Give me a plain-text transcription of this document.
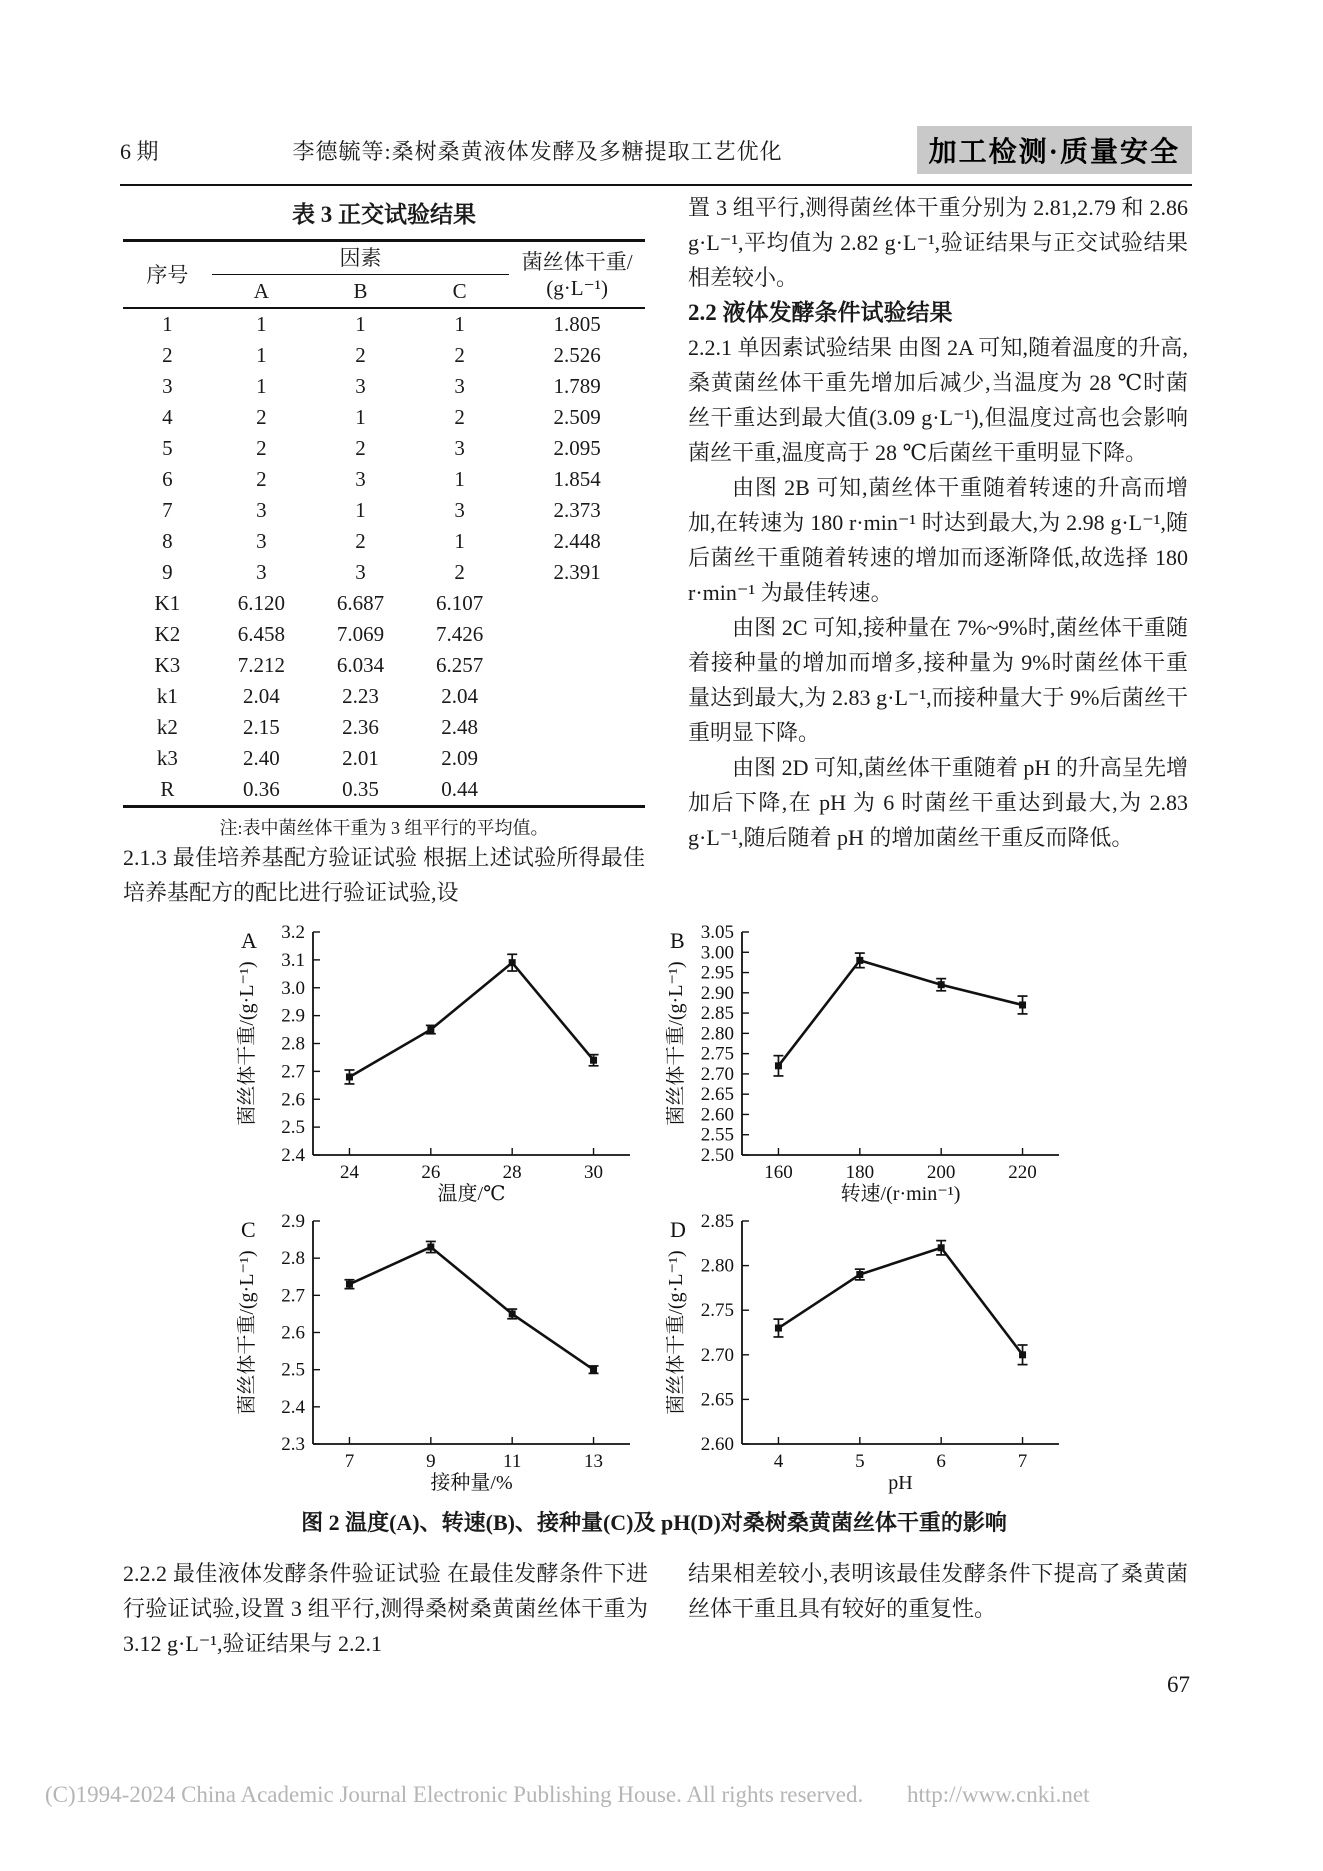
6 期	李德毓等:桑树桑黄液体发酵及多糖提取工艺优化	加工检测·质量安全
表 3 正交试验结果
序号	因素			菌丝体干重/
(g·L⁻¹)
	A	B	C	
1	1	1	1	1.805
2	1	2	2	2.526
3	1	3	3	1.789
4	2	1	2	2.509
5	2	2	3	2.095
6	2	3	1	1.854
7	3	1	3	2.373
8	3	2	1	2.448
9	3	3	2	2.391
K1	6.120	6.687	6.107	
K2	6.458	7.069	7.426	
K3	7.212	6.034	6.257	
k1	2.04	2.23	2.04	
k2	2.15	2.36	2.48	
k3	2.40	2.01	2.09	
R	0.36	0.35	0.44	
注:表中菌丝体干重为 3 组平行的平均值。

2.1.3 最佳培养基配方验证试验 根据上述试验所得最佳培养基配方的配比进行验证试验,设

置 3 组平行,测得菌丝体干重分别为 2.81,2.79 和 2.86 g·L⁻¹,平均值为 2.82 g·L⁻¹,验证结果与正交试验结果相差较小。

2.2 液体发酵条件试验结果

2.2.1 单因素试验结果 由图 2A 可知,随着温度的升高,桑黄菌丝体干重先增加后减少,当温度为 28 ℃时菌丝干重达到最大值(3.09 g·L⁻¹),但温度过高也会影响菌丝干重,温度高于 28 ℃后菌丝干重明显下降。

由图 2B 可知,菌丝体干重随着转速的升高而增加,在转速为 180 r·min⁻¹ 时达到最大,为 2.98 g·L⁻¹,随后菌丝干重随着转速的增加而逐渐降低,故选择 180 r·min⁻¹ 为最佳转速。

由图 2C 可知,接种量在 7%~9%时,菌丝体干重随着接种量的增加而增多,接种量为 9%时菌丝体干重量达到最大,为 2.83 g·L⁻¹,而接种量大于 9%后菌丝干重明显下降。

由图 2D 可知,菌丝体干重随着 pH 的升高呈先增加后下降,在 pH 为 6 时菌丝干重达到最大,为 2.83 g·L⁻¹,随后随着 pH 的增加菌丝干重反而降低。

2.4
2.5
2.6
2.7
2.8
2.9
3.0
3.1
3.2
24	26	28	30
温度/℃
菌丝体干重/(g·L⁻¹)
A
2.50
2.55
2.60
2.65
2.70
2.75
2.80
2.85
2.90
2.95
3.00
3.05
160	180	200	220
转速/(r·min⁻¹)
菌丝体干重/(g·L⁻¹)
B
2.3
2.4
2.5
2.6
2.7
2.8
2.9
7	9	11	13
接种量/%
菌丝体干重/(g·L⁻¹)
C
2.60
2.65
2.70
2.75
2.80
2.85
4	5	6	7
pH
菌丝体干重/(g·L⁻¹)
D
图 2 温度(A)、转速(B)、接种量(C)及 pH(D)对桑树桑黄菌丝体干重的影响

2.2.2 最佳液体发酵条件验证试验 在最佳发酵条件下进行验证试验,设置 3 组平行,测得桑树桑黄菌丝体干重为 3.12 g·L⁻¹,验证结果与 2.2.1

结果相差较小,表明该最佳发酵条件下提高了桑黄菌丝体干重且具有较好的重复性。

67
(C)1994-2024 China Academic Journal Electronic Publishing House. All rights reserved. http://www.cnki.net
